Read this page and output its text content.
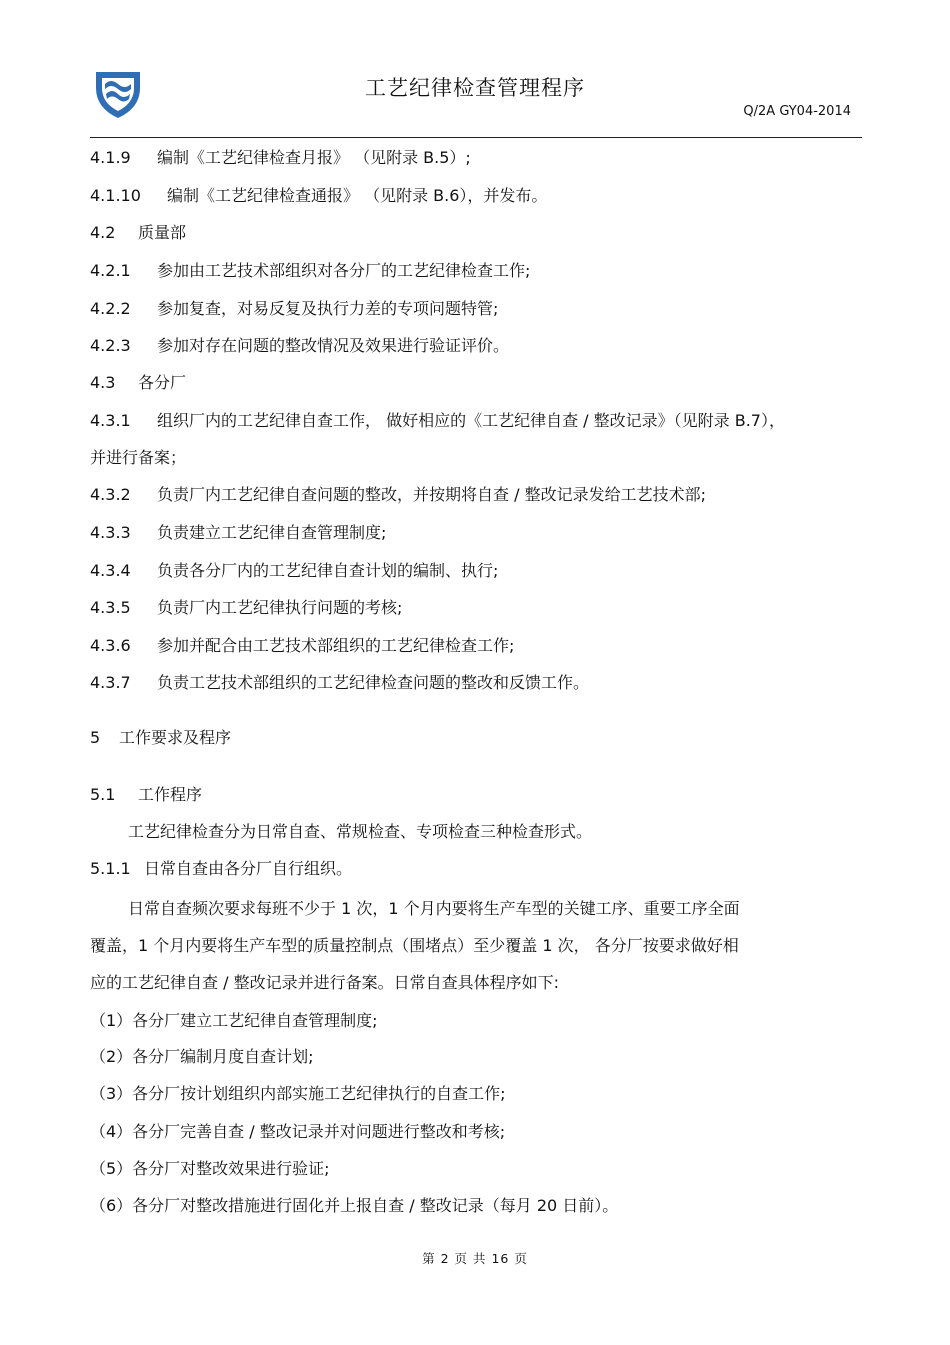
工艺纪律检查管理程序
Q/2A GY04-2014
4.1.9 编制《工艺纪律检查月报》 （见附录 B.5）;
4.1.10 编制《工艺纪律检查通报》 （见附录 B.6），并发布。
4.2 质量部
4.2.1 参加由工艺技术部组织对各分厂的工艺纪律检查工作;
4.2.2 参加复查，对易反复及执行力差的专项问题特管;
4.2.3 参加对存在问题的整改情况及效果进行验证评价。
4.3 各分厂
4.3.1 组织厂内的工艺纪律自查工作， 做好相应的《工艺纪律自查 / 整改记录》（见附录 B.7），
并进行备案；
4.3.2 负责厂内工艺纪律自查问题的整改，并按期将自查 / 整改记录发给工艺技术部;
4.3.3 负责建立工艺纪律自查管理制度;
4.3.4 负责各分厂内的工艺纪律自查计划的编制、执行;
4.3.5 负责厂内工艺纪律执行问题的考核;
4.3.6 参加并配合由工艺技术部组织的工艺纪律检查工作;
4.3.7 负责工艺技术部组织的工艺纪律检查问题的整改和反馈工作。
5 工作要求及程序
5.1 工作程序
工艺纪律检查分为日常自查、常规检查、专项检查三种检查形式。
5.1.1 日常自查由各分厂自行组织。
日常自查频次要求每班不少于 1 次，1 个月内要将生产车型的关键工序、重要工序全面
覆盖，1 个月内要将生产车型的质量控制点（围堵点）至少覆盖 1 次， 各分厂按要求做好相
应的工艺纪律自查 / 整改记录并进行备案。日常自查具体程序如下:
（1）各分厂建立工艺纪律自查管理制度;
（2）各分厂编制月度自查计划;
（3）各分厂按计划组织内部实施工艺纪律执行的自查工作;
（4）各分厂完善自查 / 整改记录并对问题进行整改和考核;
（5）各分厂对整改效果进行验证;
（6）各分厂对整改措施进行固化并上报自查 / 整改记录（每月 20 日前）。
第 2 页 共 16 页
